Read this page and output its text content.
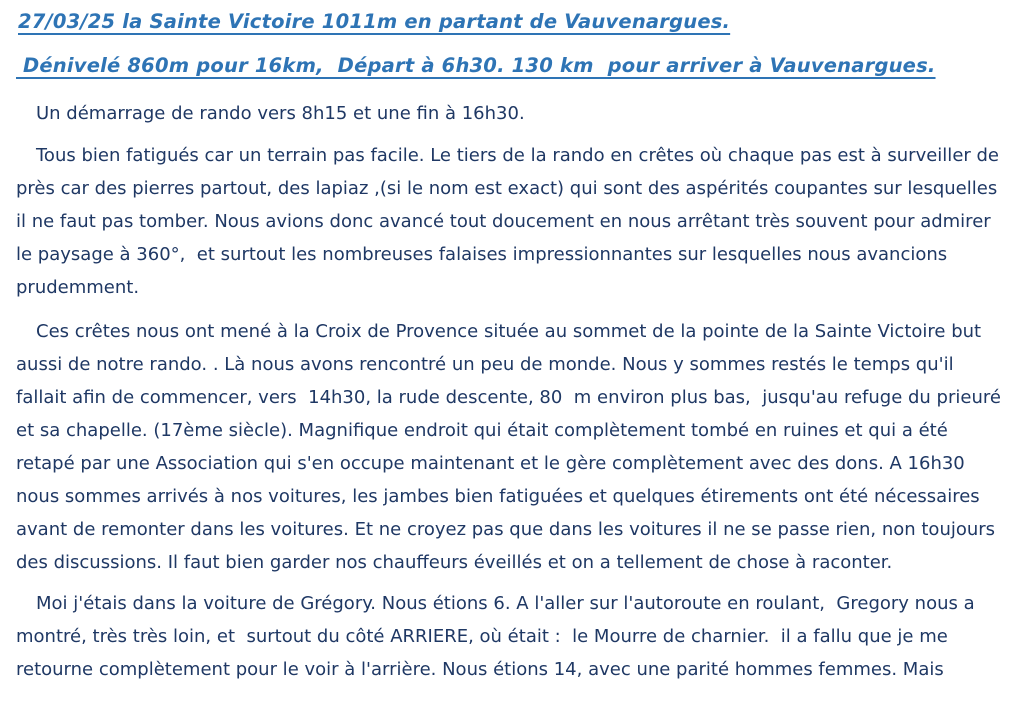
27/03/25 la Sainte Victoire 1011m en partant de Vauvenargues.
Dénivelé 860m pour 16km,  Départ à 6h30. 130 km  pour arriver à Vauvenargues.

Un démarrage de rando vers 8h15 et une fin à 16h30.

Tous bien fatigués car un terrain pas facile. Le tiers de la rando en crêtes où chaque pas est à surveiller de près car des pierres partout, des lapiaz ,(si le nom est exact) qui sont des aspérités coupantes sur lesquelles il ne faut pas tomber. Nous avions donc avancé tout doucement en nous arrêtant très souvent pour admirer le paysage à 360°,  et surtout les nombreuses falaises impressionnantes sur lesquelles nous avancions prudemment.

Ces crêtes nous ont mené à la Croix de Provence située au sommet de la pointe de la Sainte Victoire but aussi de notre rando. . Là nous avons rencontré un peu de monde. Nous y sommes restés le temps qu'il fallait afin de commencer, vers  14h30, la rude descente, 80  m environ plus bas,  jusqu'au refuge du prieuré et sa chapelle. (17ème siècle). Magnifique endroit qui était complètement tombé en ruines et qui a été retapé par une Association qui s'en occupe maintenant et le gère complètement avec des dons. A 16h30 nous sommes arrivés à nos voitures, les jambes bien fatiguées et quelques étirements ont été nécessaires avant de remonter dans les voitures. Et ne croyez pas que dans les voitures il ne se passe rien, non toujours des discussions. Il faut bien garder nos chauffeurs éveillés et on a tellement de chose à raconter.

Moi j'étais dans la voiture de Grégory. Nous étions 6. A l'aller sur l'autoroute en roulant,  Gregory nous a montré, très très loin, et  surtout du côté ARRIERE, où était :  le Mourre de charnier.  il a fallu que je me retourne complètement pour le voir à l'arrière. Nous étions 14, avec une parité hommes femmes. Mais
